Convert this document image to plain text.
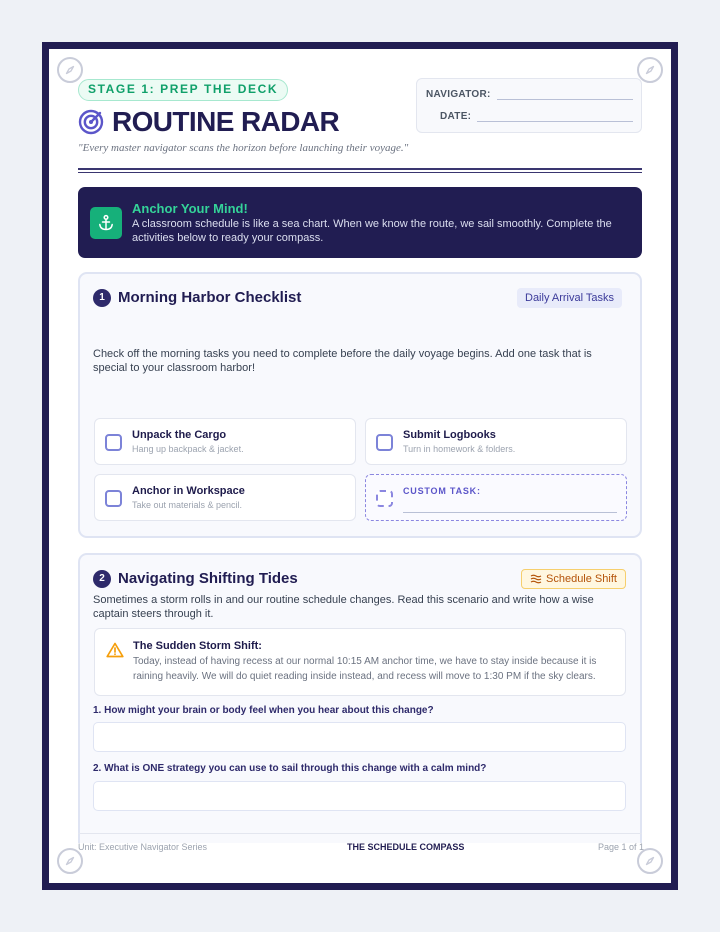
STAGE 1: PREP THE DECK
ROUTINE RADAR
"Every master navigator scans the horizon before launching their voyage."
NAVIGATOR:
DATE:
Anchor Your Mind!
A classroom schedule is like a sea chart. When we know the route, we sail smoothly. Complete the activities below to ready your compass.
1 Morning Harbor Checklist	Daily Arrival Tasks
Check off the morning tasks you need to complete before the daily voyage begins. Add one task that is special to your classroom harbor!
Unpack the Cargo
Hang up backpack & jacket.
Submit Logbooks
Turn in homework & folders.
Anchor in Workspace
Take out materials & pencil.
CUSTOM TASK:
2 Navigating Shifting Tides	Schedule Shift
Sometimes a storm rolls in and our routine schedule changes. Read this scenario and write how a wise captain steers through it.
The Sudden Storm Shift:
Today, instead of having recess at our normal 10:15 AM anchor time, we have to stay inside because it is raining heavily. We will do quiet reading inside instead, and recess will move to 1:30 PM if the sky clears.
1. How might your brain or body feel when you hear about this change?
2. What is ONE strategy you can use to sail through this change with a calm mind?
Unit: Executive Navigator Series	THE SCHEDULE COMPASS	Page 1 of 1
